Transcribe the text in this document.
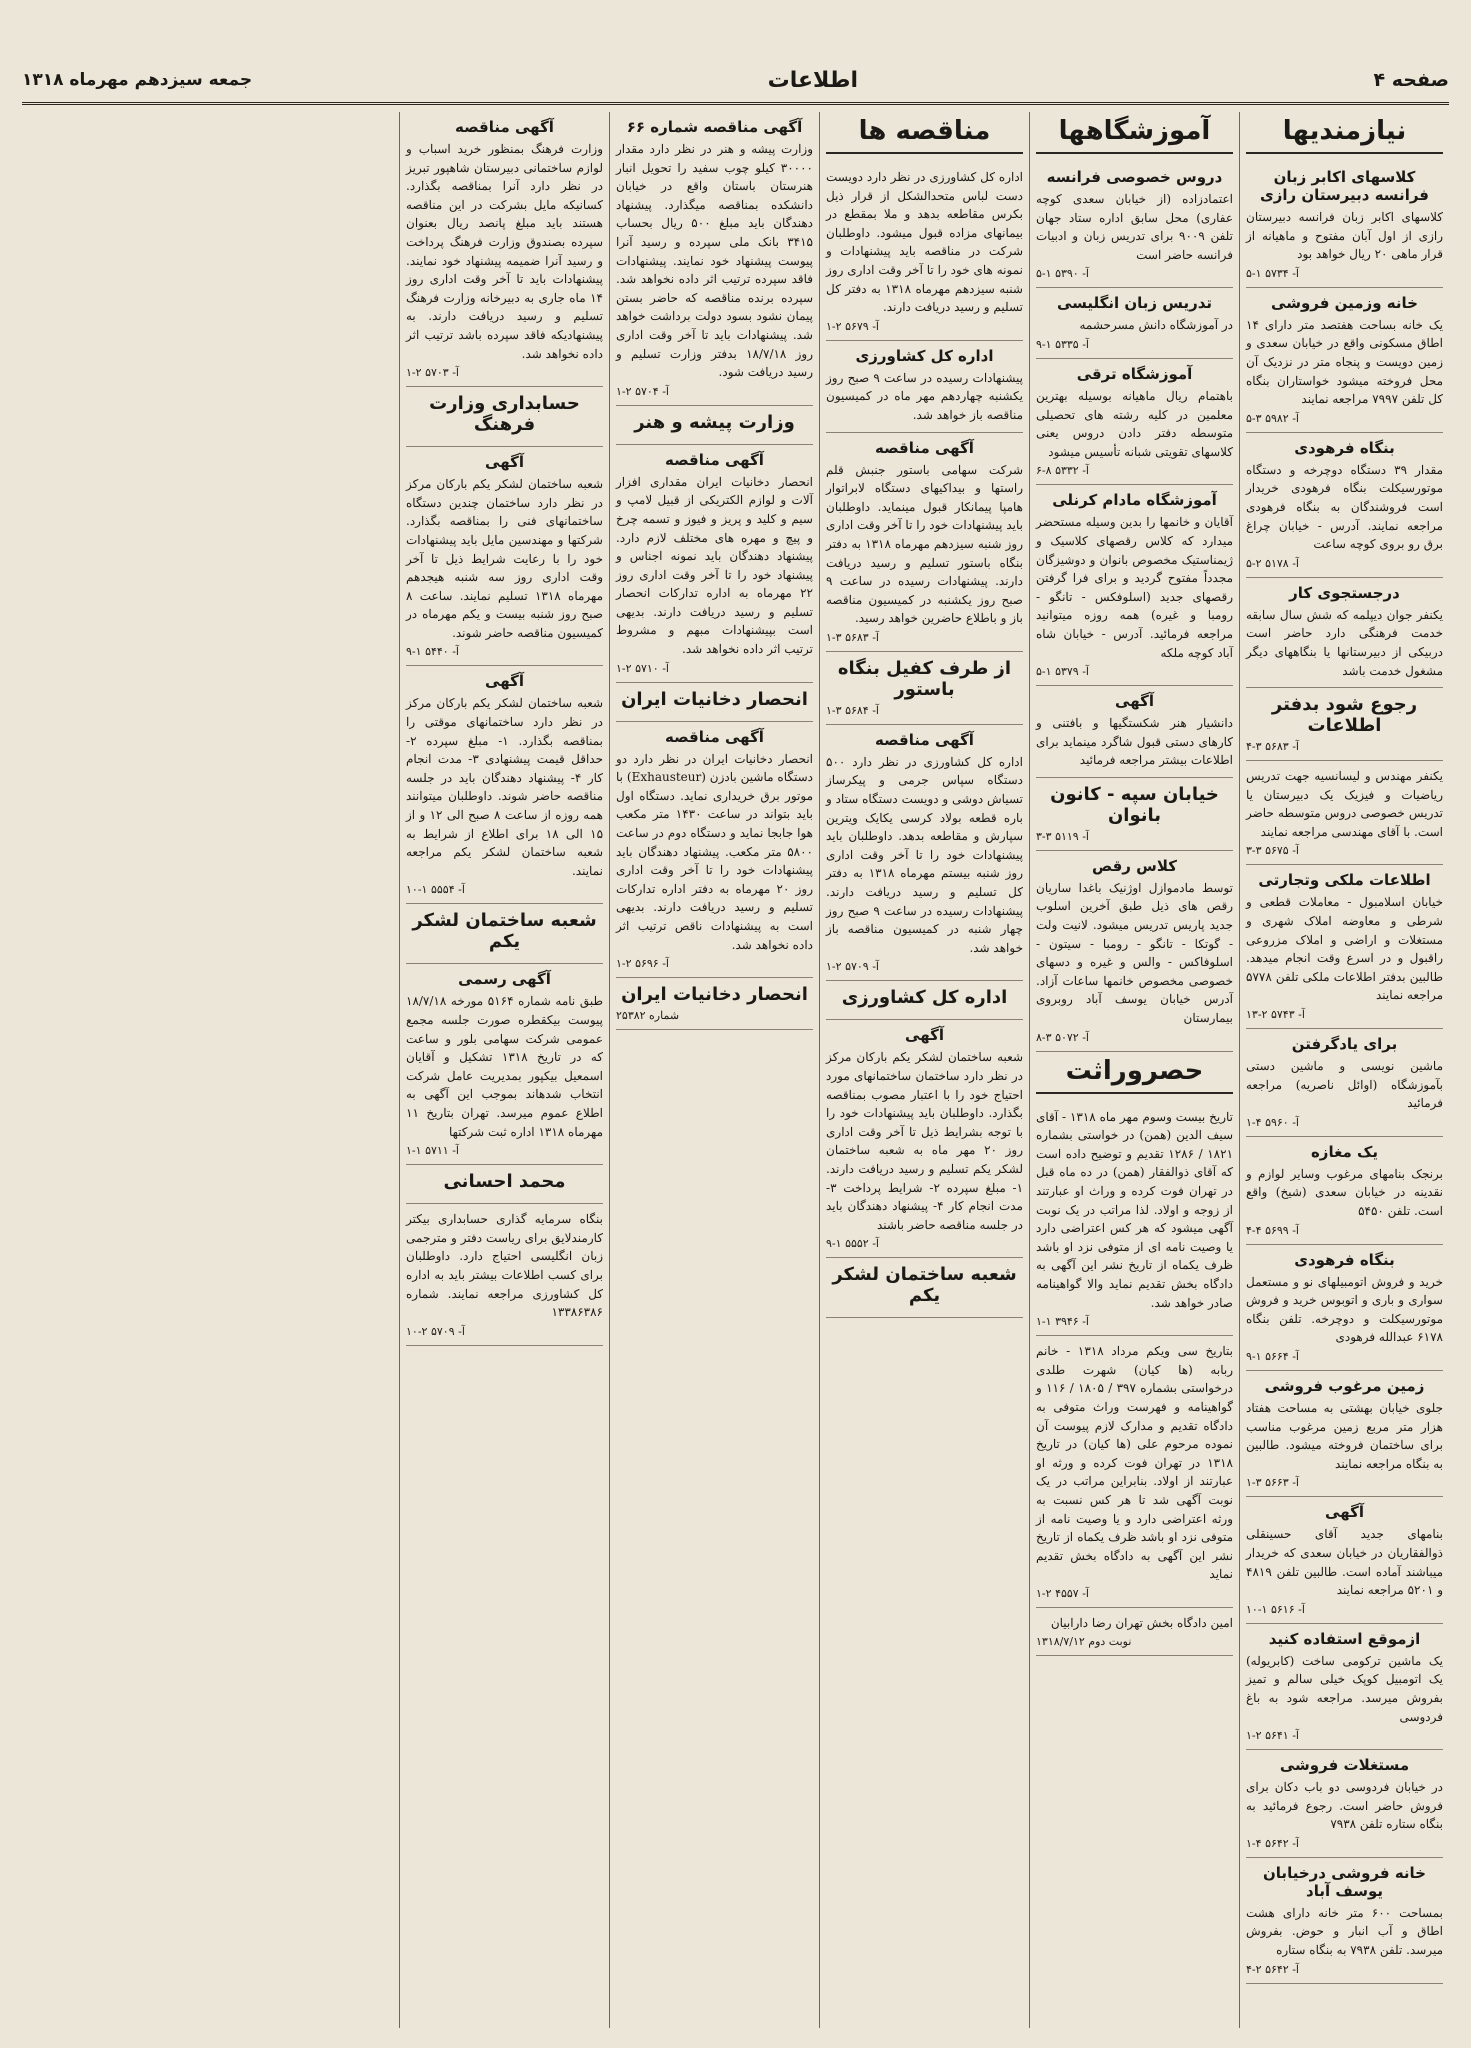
صفحه ۴
اطلاعات
جمعه سیزدهم مهرماه ۱۳۱۸
نیازمندیها
کلاسهای اکابر زبان فرانسه دبیرستان رازی
کلاسهای اکابر زبان فرانسه دبیرستان رازی از اول آبان مفتوح و ماهیانه از قرار ماهی ۲۰ ریال خواهد بود
آ- ۵۷۳۴ ۱-۵
خانه وزمین فروشی
یک خانه بساحت هفتصد متر دارای ۱۴ اطاق مسکونی واقع در خیابان سعدی و زمین دویست و پنجاه متر در نزدیک آن محل فروخته میشود خواستاران بنگاه کل تلفن ۷۹۹۷ مراجعه نمایند
آ- ۵۹۸۲ ۳-۵
بنگاه فرهودی
مقدار ۳۹ دستگاه دوچرخه و دستگاه موتورسیکلت بنگاه فرهودی خریدار است فروشندگان به بنگاه فرهودی مراجعه نمایند. آدرس - خیابان چراغ برق رو بروی کوچه ساعت
آ- ۵۱۷۸ ۲-۵
درجستجوی کار
یکنفر جوان دیپلمه که شش سال سابقه خدمت فرهنگی دارد حاضر است دربیکی از دبیرستانها یا بنگاههای دیگر مشغول خدمت باشد
رجوع شود بدفتر اطلاعات
آ- ۵۶۸۳ ۳-۴
یکنفر مهندس و لیسانسیه جهت تدریس ریاضیات و فیزیک یک دبیرستان یا تدریس خصوصی دروس متوسطه حاضر است. با آقای مهندسی مراجعه نمایند
آ- ۵۶۷۵ ۳-۳
اطلاعات ملکی وتجارتی
خیابان اسلامبول - معاملات قطعی و شرطی و معاوضه املاک شهری و مستغلات و اراضی و املاک مزروعی راقبول و در اسرع وقت انجام میدهد. طالبین بدفتر اطلاعات ملکی تلفن ۵۷۷۸ مراجعه نمایند
آ- ۵۷۴۳ ۲-۱۳
برای یادگرفتن
ماشین نویسی و ماشین دستی بآموزشگاه (اوائل ناصریه) مراجعه فرمائید
آ- ۵۹۶۰ ۴-۱
یک مغازه
برنجک بنامهای مرغوب وسایر لوازم و نقدینه در خیابان سعدی (شیخ) واقع است. تلفن ۵۴۵۰
آ- ۵۶۹۹ ۴-۴
بنگاه فرهودی
خرید و فروش اتومبیلهای نو و مستعمل سواری و باری و اتوبوس خرید و فروش موتورسیکلت و دوچرخه. تلفن بنگاه ۶۱۷۸ عبدالله فرهودی
آ- ۵۶۶۴ ۱-۹
زمین مرغوب فروشی
جلوی خیابان بهشتی به مساحت هفتاد هزار متر مربع زمین مرغوب مناسب برای ساختمان فروخته میشود. طالبین به بنگاه مراجعه نمایند
آ- ۵۶۶۳ ۳-۱
آگهی
بنامهای جدید آقای حسینقلی ذوالفقاریان در خیابان سعدی که خریدار میباشند آماده است. طالبین تلفن ۴۸۱۹ و ۵۲۰۱ مراجعه نمایند
آ- ۵۶۱۶ ۱-۱۰
ازموقع استفاده کنید
یک ماشین ترکومی ساخت (کابریوله) یک اتومبیل کوپک خیلی سالم و تمیز بفروش میرسد. مراجعه شود به باغ فردوسی
آ- ۵۶۴۱ ۲-۱
مستغلات فروشی
در خیابان فردوسی دو باب دکان برای فروش حاضر است. رجوع فرمائید به بنگاه ستاره تلفن ۷۹۳۸
آ- ۵۶۴۲ ۴-۱
خانه فروشی درخیابان یوسف آباد
بمساحت ۶۰۰ متر خانه دارای هشت اطاق و آب انبار و حوض. بفروش میرسد. تلفن ۷۹۳۸ به بنگاه ستاره
آ- ۵۶۴۲ ۲-۴
آموزشگاهها
دروس خصوصی فرانسه
اعتمادزاده (از خیابان سعدی کوچه عفاری) محل سابق اداره ستاد جهان تلفن ۹۰۰۹ برای تدریس زبان و ادبیات فرانسه حاضر است
آ- ۵۳۹۰ ۱-۵
تدریس زبان انگلیسی
در آموزشگاه دانش مسرحشمه
آ- ۵۳۳۵ ۱-۹
آموزشگاه ترقی
باهتمام ریال ماهیانه بوسیله بهترین معلمین در کلیه رشته های تحصیلی متوسطه دفتر دادن دروس یعنی کلاسهای تقویتی شبانه تأسیس میشود
آ- ۵۳۳۲ ۸-۶
آموزشگاه مادام کرنلی
آقایان و خانمها را بدین وسیله مستحضر میدارد که کلاس رقصهای کلاسیک و ژیمناستیک مخصوص بانوان و دوشیزگان مجدداً مفتوح گردید و برای فرا گرفتن رقصهای جدید (اسلوفکس - تانگو - رومبا و غیره) همه روزه میتوانید مراجعه فرمائید. آدرس - خیابان شاه آباد کوچه ملکه
آ- ۵۳۷۹ ۱-۵
آگهی
دانشیار هنر شکستگیها و بافتنی و کارهای دستی قبول شاگرد مینماید برای اطلاعات بیشتر مراجعه فرمائید
خیابان سپه - کانون بانوان
آ- ۵۱۱۹ ۳-۳
کلاس رقص
توسط مادموازل اوژنیک باغدا ساریان رقص های ذیل طبق آخرین اسلوب جدید پاریس تدریس میشود. لانیت ولت - گوتکا - تانگو - رومبا - سیتون - اسلوفاکس - والس و غیره و دسهای خصوصی مخصوص خانمها ساعات آزاد. آدرس خیابان یوسف آباد روبروی بیمارستان
آ- ۵۰۷۲ ۳-۸
حصروراثت
تاریخ بیست وسوم مهر ماه ۱۳۱۸ - آقای سیف الدین (همن) در خواستی بشماره ۱۸۲۱ / ۱۲۸۶ تقدیم و توضیح داده است که آقای ذوالفقار (همن) در ده ماه قبل در تهران فوت کرده و وراث او عبارتند از زوجه و اولاد. لذا مراتب در یک نوبت آگهی میشود که هر کس اعتراضی دارد یا وصیت نامه ای از متوفی نزد او باشد ظرف یکماه از تاریخ نشر این آگهی به دادگاه بخش تقدیم نماید والا گواهینامه صادر خواهد شد.
آ- ۳۹۴۶ ۱-۱
بتاریخ سی ویکم مرداد ۱۳۱۸ - خانم ربابه (ها کیان) شهرت طلدی درخواستی بشماره ۳۹۷ / ۱۸۰۵ / ۱۱۶ و گواهینامه و فهرست وراث متوفی به دادگاه تقدیم و مدارک لازم پیوست آن نموده مرحوم علی (ها کیان) در تاریخ ۱۳۱۸ در تهران فوت کرده و ورثه او عبارتند از اولاد. بنابراین مراتب در یک نوبت آگهی شد تا هر کس نسبت به ورثه اعتراضی دارد و یا وصیت نامه از متوفی نزد او باشد ظرف یکماه از تاریخ نشر این آگهی به دادگاه بخش تقدیم نماید
آ- ۴۵۵۷ ۲-۱
امین دادگاه بخش تهران رضا دارابیان
نوبت دوم ۱۳۱۸/۷/۱۲
مناقصه ها
اداره کل کشاورزی در نظر دارد دویست دست لباس متحدالشکل از قرار ذیل بکرس مقاطعه بدهد و ملا بمقطع در بیمانهای مزاده قبول میشود. داوطلبان شرکت در مناقصه باید پیشنهادات و نمونه های خود را تا آخر وقت اداری روز شنبه سیزدهم مهرماه ۱۳۱۸ به دفتر کل تسلیم و رسید دریافت دارند.
آ- ۵۶۷۹ ۲-۱
اداره کل کشاورزی
پیشنهادات رسیده در ساعت ۹ صبح روز یکشنبه چهاردهم مهر ماه در کمیسیون مناقصه باز خواهد شد.
آگهی مناقصه
شرکت سهامی باستور جنبش قلم راستها و بیداکیهای دستگاه لابراتوار هامپا پیمانکار قبول مینماید. داوطلبان باید پیشنهادات خود را تا آخر وقت اداری روز شنبه سیزدهم مهرماه ۱۳۱۸ به دفتر بنگاه باستور تسلیم و رسید دریافت دارند. پیشنهادات رسیده در ساعت ۹ صبح روز یکشنبه در کمیسیون مناقصه باز و باطلاع حاضرین خواهد رسید.
آ- ۵۶۸۳ ۳-۱
از طرف کفیل بنگاه باستور
آ- ۵۶۸۴ ۳-۱
آگهی مناقصه
اداره کل کشاورزی در نظر دارد ۵۰۰ دستگاه سپاس جرمی و پیکرساز تسیاش دوشی و دویست دستگاه ستاد و باره قطعه بولاد کرسی یکایک ویترین سپارش و مقاطعه بدهد. داوطلبان باید پیشنهادات خود را تا آخر وقت اداری روز شنبه بیستم مهرماه ۱۳۱۸ به دفتر کل تسلیم و رسید دریافت دارند. پیشنهادات رسیده در ساعت ۹ صبح روز چهار شنبه در کمیسیون مناقصه باز خواهد شد.
آ- ۵۷۰۹ ۲-۱
اداره کل کشاورزی
آگهی
شعبه ساختمان لشکر یکم بارکان مرکز در نظر دارد ساختمان ساختمانهای مورد احتیاج خود را با اعتبار مصوب بمناقصه بگذارد. داوطلبان باید پیشنهادات خود را با توجه بشرایط ذیل تا آخر وقت اداری روز ۲۰ مهر ماه به شعبه ساختمان لشکر یکم تسلیم و رسید دریافت دارند. ۱- مبلغ سپرده ۲- شرایط پرداخت ۳- مدت انجام کار ۴- پیشنهاد دهندگان باید در جلسه مناقصه حاضر باشند
آ- ۵۵۵۲ ۱-۹
شعبه ساختمان لشکر یکم
آگهی مناقصه شماره ۶۶
وزارت پیشه و هنر در نظر دارد مقدار ۳۰۰۰۰ کیلو چوب سفید را تحویل انبار هنرستان باستان واقع در خیابان دانشکده بمناقصه میگذارد. پیشنهاد دهندگان باید مبلغ ۵۰۰ ریال بحساب ۳۴۱۵ بانک ملی سپرده و رسید آنرا پیوست پیشنهاد خود نمایند. پیشنهادات فاقد سپرده ترتیب اثر داده نخواهد شد. سپرده برنده مناقصه که حاضر بستن پیمان نشود بسود دولت برداشت خواهد شد. پیشنهادات باید تا آخر وقت اداری روز ۱۸/۷/۱۸ بدفتر وزارت تسلیم و رسید دریافت شود.
آ- ۵۷۰۴ ۲-۱
وزارت پیشه و هنر
آگهی مناقصه
انحصار دخانیات ایران مقداری افزار آلات و لوازم الکتریکی از قبیل لامپ و سیم و کلید و پریز و فیوز و تسمه چرخ و پیچ و مهره های مختلف لازم دارد. پیشنهاد دهندگان باید نمونه اجناس و پیشنهاد خود را تا آخر وقت اداری روز ۲۲ مهرماه به اداره تدارکات انحصار تسلیم و رسید دریافت دارند. بدیهی است بپیشنهادات مبهم و مشروط ترتیب اثر داده نخواهد شد.
آ- ۵۷۱۰ ۲-۱
انحصار دخانیات ایران
آگهی مناقصه
انحصار دخانیات ایران در نظر دارد دو دستگاه ماشین بادزن (Exhausteur) با موتور برق خریداری نماید. دستگاه اول باید بتواند در ساعت ۱۴۳۰ متر مکعب هوا جابجا نماید و دستگاه دوم در ساعت ۵۸۰۰ متر مکعب. پیشنهاد دهندگان باید پیشنهادات خود را تا آخر وقت اداری روز ۲۰ مهرماه به دفتر اداره تدارکات تسلیم و رسید دریافت دارند. بدیهی است به پیشنهادات ناقص ترتیب اثر داده نخواهد شد.
آ- ۵۶۹۶ ۲-۱
انحصار دخانیات ایران
شماره ۲۵۳۸۲
آگهی مناقصه
وزارت فرهنگ بمنظور خرید اسباب و لوازم ساختمانی دبیرستان شاهپور تبریز در نظر دارد آنرا بمناقصه بگذارد. کسانیکه مایل بشرکت در این مناقصه هستند باید مبلغ پانصد ریال بعنوان سپرده بصندوق وزارت فرهنگ پرداخت و رسید آنرا ضمیمه پیشنهاد خود نمایند. پیشنهادات باید تا آخر وقت اداری روز ۱۴ ماه جاری به دبیرخانه وزارت فرهنگ تسلیم و رسید دریافت دارند. به پیشنهادیکه فاقد سپرده باشد ترتیب اثر داده نخواهد شد.
آ- ۵۷۰۳ ۲-۱
حسابداری وزارت فرهنگ
آگهی
شعبه ساختمان لشکر یکم بارکان مرکز در نظر دارد ساختمان چندین دستگاه ساختمانهای فنی را بمناقصه بگذارد. شرکتها و مهندسین مایل باید پیشنهادات خود را با رعایت شرایط ذیل تا آخر وقت اداری روز سه شنبه هیجدهم مهرماه ۱۳۱۸ تسلیم نمایند. ساعت ۸ صبح روز شنبه بیست و یکم مهرماه در کمیسیون مناقصه حاضر شوند.
آ- ۵۴۴۰ ۱-۹
آگهی
شعبه ساختمان لشکر یکم بارکان مرکز در نظر دارد ساختمانهای موقتی را بمناقصه بگذارد. ۱- مبلغ سپرده ۲- حداقل قیمت پیشنهادی ۳- مدت انجام کار ۴- پیشنهاد دهندگان باید در جلسه مناقصه حاضر شوند. داوطلبان میتوانند همه روزه از ساعت ۸ صبح الی ۱۲ و از ۱۵ الی ۱۸ برای اطلاع از شرایط به شعبه ساختمان لشکر یکم مراجعه نمایند.
آ- ۵۵۵۴ ۱-۱۰
شعبه ساختمان لشکر یکم
آگهی رسمی
طبق نامه شماره ۵۱۶۴ مورخه ۱۸/۷/۱۸ پیوست بیکقطره صورت جلسه مجمع عمومی شرکت سهامی بلور و ساعت که در تاریخ ۱۳۱۸ تشکیل و آقایان اسمعیل بیکپور بمدیریت عامل شرکت انتخاب شدهاند بموجب این آگهی به اطلاع عموم میرسد. تهران بتاریخ ۱۱ مهرماه ۱۳۱۸ اداره ثبت شرکتها
آ- ۵۷۱۱ ۱-۱
محمد احسانی
بنگاه سرمایه گذاری حسابداری بیکتر کارمندلایق برای ریاست دفتر و مترجمی زبان انگلیسی احتیاج دارد. داوطلبان برای کسب اطلاعات بیشتر باید به اداره کل کشاورزی مراجعه نمایند. شماره ۱۳۳۸۶۳۸۶
آ- ۵۷۰۹ ۲-۱۰
